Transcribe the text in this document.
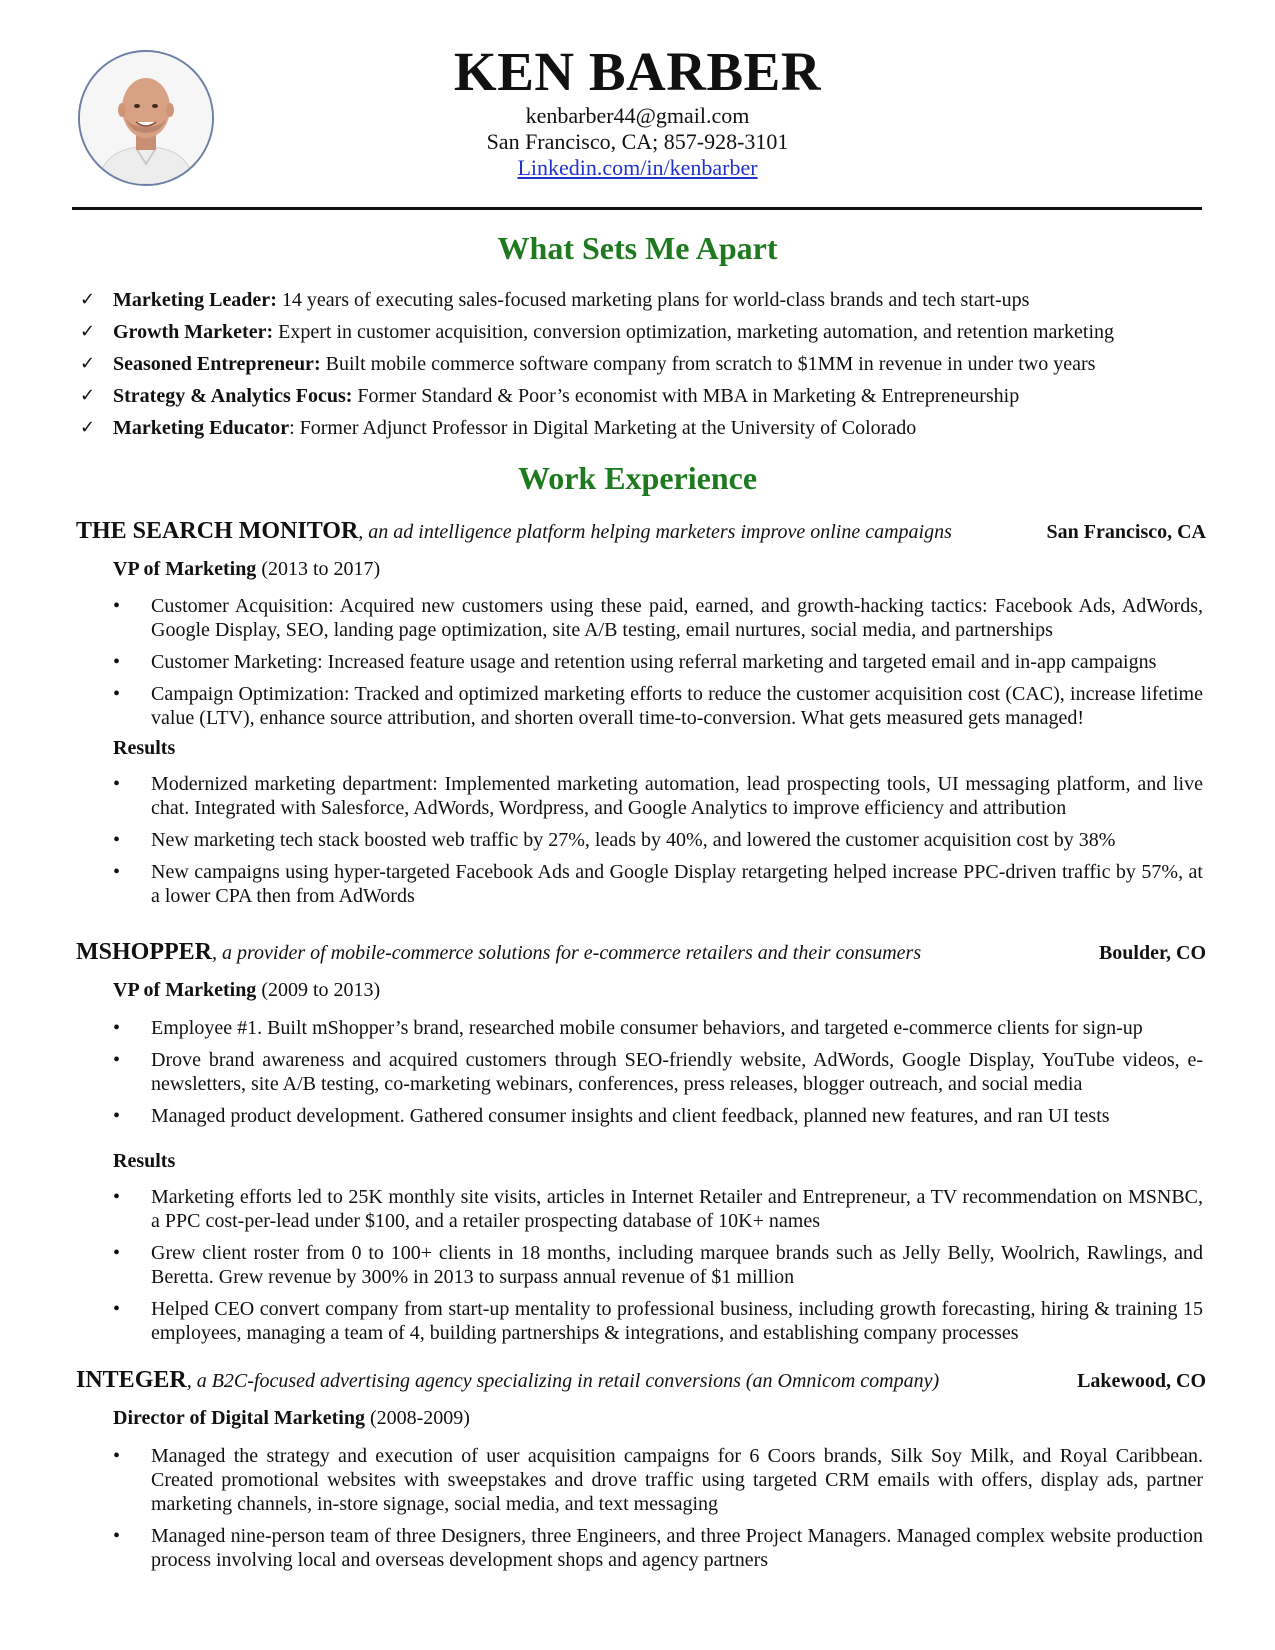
KEN BARBER
kenbarber44@gmail.com
San Francisco, CA; 857-928-3101
Linkedin.com/in/kenbarber
What Sets Me Apart
✓ Marketing Leader: 14 years of executing sales-focused marketing plans for world-class brands and tech start-ups
✓ Growth Marketer: Expert in customer acquisition, conversion optimization, marketing automation, and retention marketing
✓ Seasoned Entrepreneur: Built mobile commerce software company from scratch to $1MM in revenue in under two years
✓ Strategy & Analytics Focus: Former Standard & Poor’s economist with MBA in Marketing & Entrepreneurship
✓ Marketing Educator: Former Adjunct Professor in Digital Marketing at the University of Colorado
Work Experience
THE SEARCH MONITOR, an ad intelligence platform helping marketers improve online campaigns	San Francisco, CA
VP of Marketing (2013 to 2017)
• Customer Acquisition: Acquired new customers using these paid, earned, and growth-hacking tactics: Facebook Ads, AdWords, Google Display, SEO, landing page optimization, site A/B testing, email nurtures, social media, and partnerships
• Customer Marketing: Increased feature usage and retention using referral marketing and targeted email and in-app campaigns
• Campaign Optimization: Tracked and optimized marketing efforts to reduce the customer acquisition cost (CAC), increase lifetime value (LTV), enhance source attribution, and shorten overall time-to-conversion. What gets measured gets managed!
Results
• Modernized marketing department: Implemented marketing automation, lead prospecting tools, UI messaging platform, and live chat. Integrated with Salesforce, AdWords, Wordpress, and Google Analytics to improve efficiency and attribution
• New marketing tech stack boosted web traffic by 27%, leads by 40%, and lowered the customer acquisition cost by 38%
• New campaigns using hyper-targeted Facebook Ads and Google Display retargeting helped increase PPC-driven traffic by 57%, at a lower CPA then from AdWords
MSHOPPER, a provider of mobile-commerce solutions for e-commerce retailers and their consumers	Boulder, CO
VP of Marketing (2009 to 2013)
• Employee #1. Built mShopper’s brand, researched mobile consumer behaviors, and targeted e-commerce clients for sign-up
• Drove brand awareness and acquired customers through SEO-friendly website, AdWords, Google Display, YouTube videos, e-newsletters, site A/B testing, co-marketing webinars, conferences, press releases, blogger outreach, and social media
• Managed product development. Gathered consumer insights and client feedback, planned new features, and ran UI tests
Results
• Marketing efforts led to 25K monthly site visits, articles in Internet Retailer and Entrepreneur, a TV recommendation on MSNBC, a PPC cost-per-lead under $100, and a retailer prospecting database of 10K+ names
• Grew client roster from 0 to 100+ clients in 18 months, including marquee brands such as Jelly Belly, Woolrich, Rawlings, and Beretta. Grew revenue by 300% in 2013 to surpass annual revenue of $1 million
• Helped CEO convert company from start-up mentality to professional business, including growth forecasting, hiring & training 15 employees, managing a team of 4, building partnerships & integrations, and establishing company processes
INTEGER, a B2C-focused advertising agency specializing in retail conversions (an Omnicom company)	Lakewood, CO
Director of Digital Marketing (2008-2009)
• Managed the strategy and execution of user acquisition campaigns for 6 Coors brands, Silk Soy Milk, and Royal Caribbean. Created promotional websites with sweepstakes and drove traffic using targeted CRM emails with offers, display ads, partner marketing channels, in-store signage, social media, and text messaging
• Managed nine-person team of three Designers, three Engineers, and three Project Managers. Managed complex website production process involving local and overseas development shops and agency partners
